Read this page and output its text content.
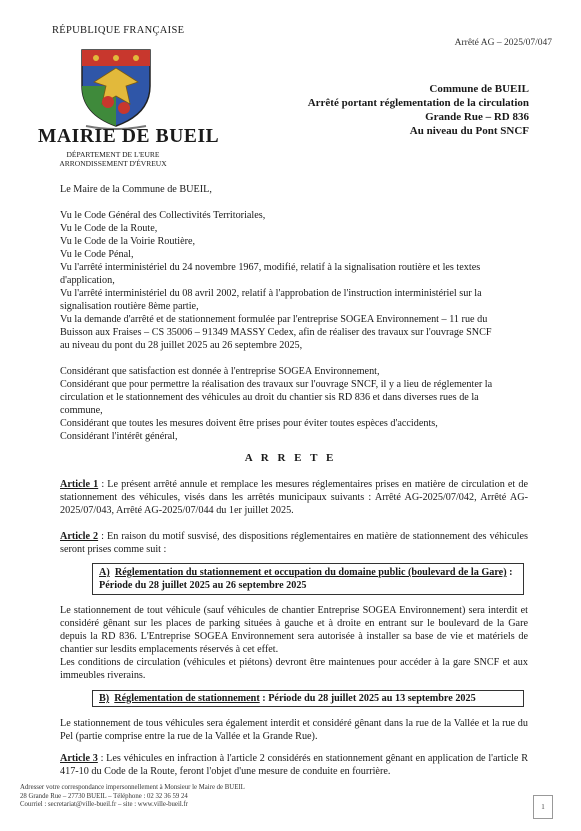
RÉPUBLIQUE FRANÇAISE
Arrêté AG – 2025/07/047
MAIRIE DE BUEIL
DÉPARTEMENT DE L'EURE
ARRONDISSEMENT D'ÉVREUX
Commune de BUEIL
Arrêté portant réglementation de la circulation
Grande Rue – RD 836
Au niveau du Pont SNCF
Le Maire de la Commune de BUEIL,
Vu le Code Général des Collectivités Territoriales,
Vu le Code de la Route,
Vu le Code de la Voirie Routière,
Vu le Code Pénal,
Vu l'arrêté interministériel du 24 novembre 1967, modifié, relatif à la signalisation routière et les textes
d'application,
Vu l'arrêté interministériel du 08 avril 2002, relatif à l'approbation de l'instruction interministériel sur la
signalisation routière 8ème partie,
Vu la demande d'arrêté et de stationnement formulée par l'entreprise SOGEA Environnement – 11 rue du
Buisson aux Fraises – CS 35006 – 91349 MASSY Cedex, afin de réaliser des travaux sur l'ouvrage SNCF
au niveau du pont du 28 juillet 2025 au 26 septembre 2025,
Considérant que satisfaction est donnée à l'entreprise SOGEA Environnement,
Considérant que pour permettre la réalisation des travaux sur l'ouvrage SNCF, il y a lieu de réglementer la
circulation et le stationnement des véhicules au droit du chantier sis RD 836 et dans diverses rues de la
commune,
Considérant que toutes les mesures doivent être prises pour éviter toutes espèces d'accidents,
Considérant l'intérêt général,
A R R E T E
Article 1 : Le présent arrêté annule et remplace les mesures réglementaires prises en matière de circulation et de stationnement des véhicules, visés dans les arrêtés municipaux suivants : Arrêté AG-2025/07/042, Arrêté AG-2025/07/043, Arrêté AG-2025/07/044 du 1er juillet 2025.
Article 2 : En raison du motif susvisé, des dispositions réglementaires en matière de stationnement des véhicules seront prises comme suit :
A) Réglementation du stationnement et occupation du domaine public (boulevard de la Gare) : Période du 28 juillet 2025 au 26 septembre 2025
Le stationnement de tout véhicule (sauf véhicules de chantier Entreprise SOGEA Environnement) sera interdit et considéré gênant sur les places de parking situées à gauche et à droite en entrant sur le boulevard de la Gare depuis la RD 836. L'Entreprise SOGEA Environnement sera autorisée à installer sa base de vie et matériels de chantier sur lesdits emplacements réservés à cet effet.
Les conditions de circulation (véhicules et piétons) devront être maintenues pour accéder à la gare SNCF et aux immeubles riverains.
B) Réglementation de stationnement : Période du 28 juillet 2025 au 13 septembre 2025
Le stationnement de tous véhicules sera également interdit et considéré gênant dans la rue de la Vallée et la rue du Pel (partie comprise entre la rue de la Vallée et la Grande Rue).
Article 3 : Les véhicules en infraction à l'article 2 considérés en stationnement gênant en application de l'article R 417-10 du Code de la Route, feront l'objet d'une mesure de conduite en fourrière.
Adresser votre correspondance impersonnellement à Monsieur le Maire de BUEIL
28 Grande Rue – 27730 BUEIL – Téléphone : 02 32 36 59 24
Courriel : secretariat@ville-bueil.fr – site : www.ville-bueil.fr	1
